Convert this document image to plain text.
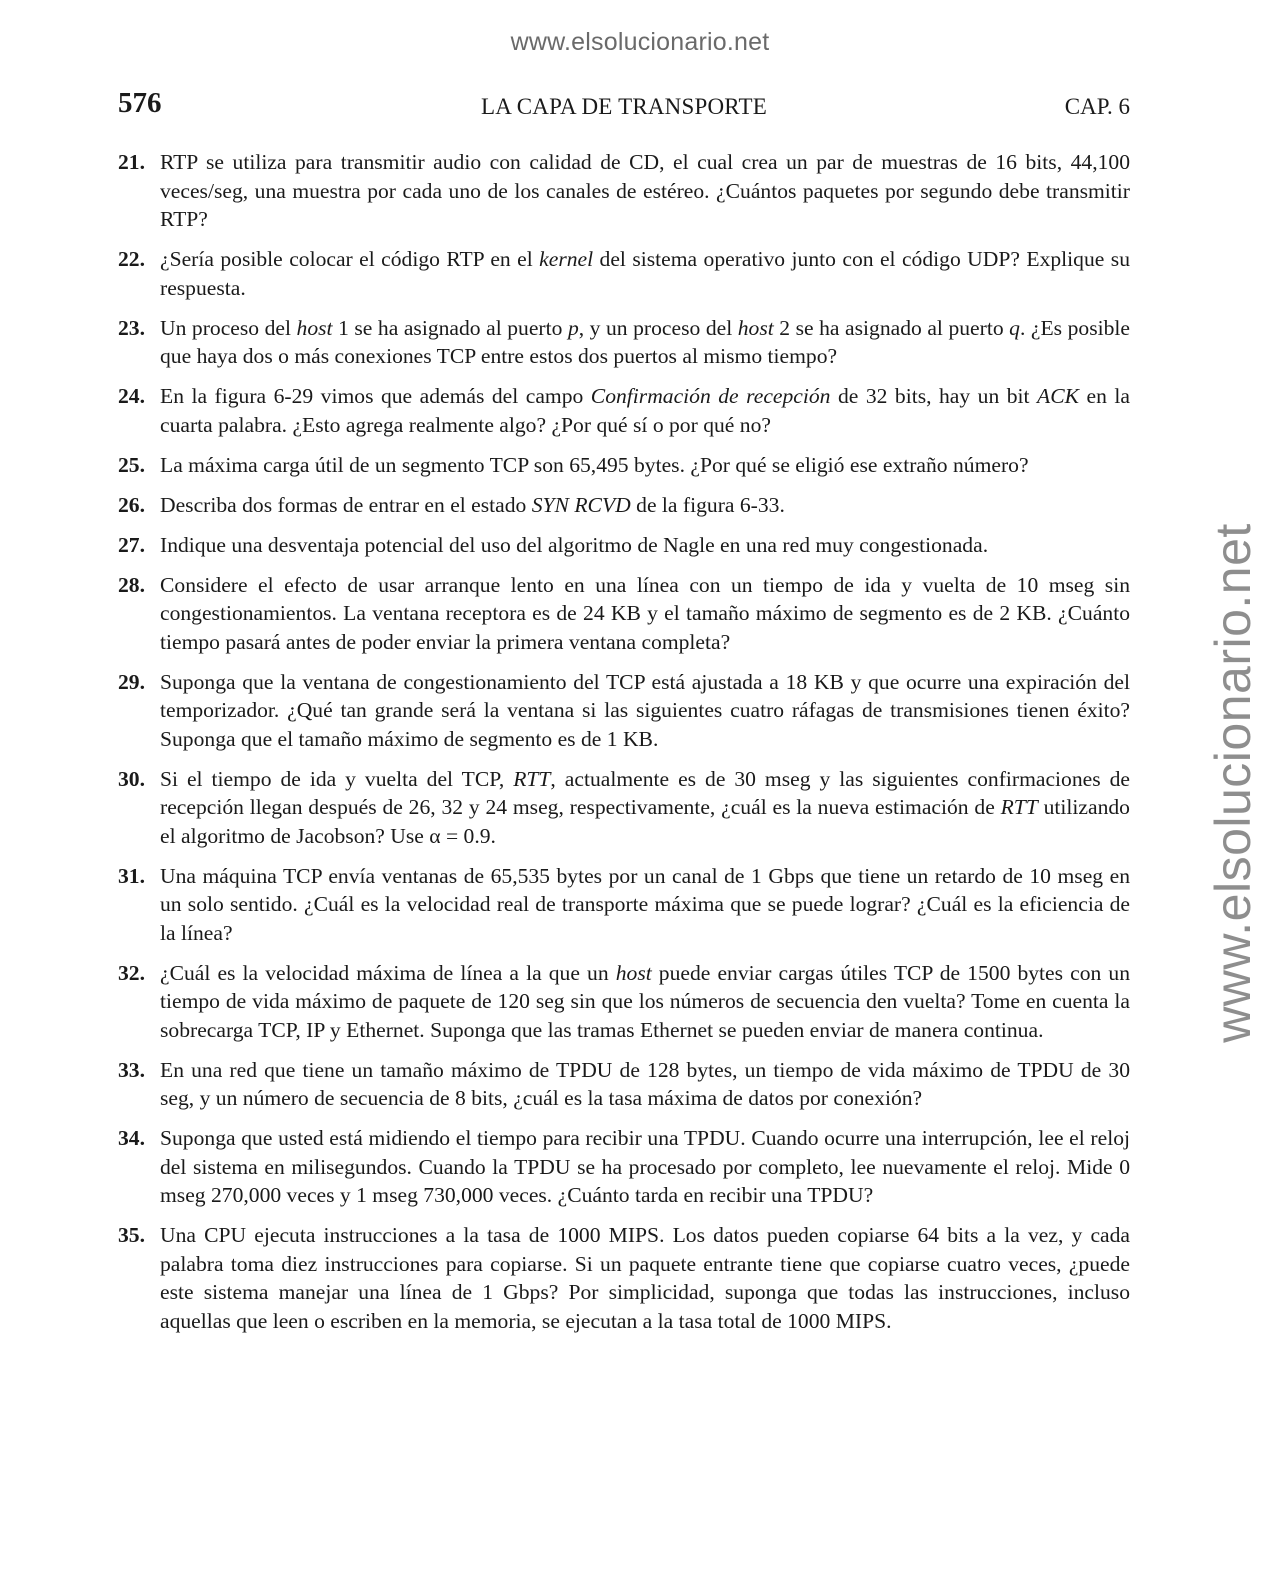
www.elsolucionario.net
www.elsolucionario.net
576	LA CAPA DE TRANSPORTE	CAP. 6
21. RTP se utiliza para transmitir audio con calidad de CD, el cual crea un par de muestras de 16 bits, 44,100 veces/seg, una muestra por cada uno de los canales de estéreo. ¿Cuántos paquetes por segundo debe transmitir RTP?
22. ¿Sería posible colocar el código RTP en el kernel del sistema operativo junto con el código UDP? Explique su respuesta.
23. Un proceso del host 1 se ha asignado al puerto p, y un proceso del host 2 se ha asignado al puerto q. ¿Es posible que haya dos o más conexiones TCP entre estos dos puertos al mismo tiempo?
24. En la figura 6-29 vimos que además del campo Confirmación de recepción de 32 bits, hay un bit ACK en la cuarta palabra. ¿Esto agrega realmente algo? ¿Por qué sí o por qué no?
25. La máxima carga útil de un segmento TCP son 65,495 bytes. ¿Por qué se eligió ese extraño número?
26. Describa dos formas de entrar en el estado SYN RCVD de la figura 6-33.
27. Indique una desventaja potencial del uso del algoritmo de Nagle en una red muy congestionada.
28. Considere el efecto de usar arranque lento en una línea con un tiempo de ida y vuelta de 10 mseg sin congestionamientos. La ventana receptora es de 24 KB y el tamaño máximo de segmento es de 2 KB. ¿Cuánto tiempo pasará antes de poder enviar la primera ventana completa?
29. Suponga que la ventana de congestionamiento del TCP está ajustada a 18 KB y que ocurre una expiración del temporizador. ¿Qué tan grande será la ventana si las siguientes cuatro ráfagas de transmisiones tienen éxito? Suponga que el tamaño máximo de segmento es de 1 KB.
30. Si el tiempo de ida y vuelta del TCP, RTT, actualmente es de 30 mseg y las siguientes confirmaciones de recepción llegan después de 26, 32 y 24 mseg, respectivamente, ¿cuál es la nueva estimación de RTT utilizando el algoritmo de Jacobson? Use α = 0.9.
31. Una máquina TCP envía ventanas de 65,535 bytes por un canal de 1 Gbps que tiene un retardo de 10 mseg en un solo sentido. ¿Cuál es la velocidad real de transporte máxima que se puede lograr? ¿Cuál es la eficiencia de la línea?
32. ¿Cuál es la velocidad máxima de línea a la que un host puede enviar cargas útiles TCP de 1500 bytes con un tiempo de vida máximo de paquete de 120 seg sin que los números de secuencia den vuelta? Tome en cuenta la sobrecarga TCP, IP y Ethernet. Suponga que las tramas Ethernet se pueden enviar de manera continua.
33. En una red que tiene un tamaño máximo de TPDU de 128 bytes, un tiempo de vida máximo de TPDU de 30 seg, y un número de secuencia de 8 bits, ¿cuál es la tasa máxima de datos por conexión?
34. Suponga que usted está midiendo el tiempo para recibir una TPDU. Cuando ocurre una interrupción, lee el reloj del sistema en milisegundos. Cuando la TPDU se ha procesado por completo, lee nuevamente el reloj. Mide 0 mseg 270,000 veces y 1 mseg 730,000 veces. ¿Cuánto tarda en recibir una TPDU?
35. Una CPU ejecuta instrucciones a la tasa de 1000 MIPS. Los datos pueden copiarse 64 bits a la vez, y cada palabra toma diez instrucciones para copiarse. Si un paquete entrante tiene que copiarse cuatro veces, ¿puede este sistema manejar una línea de 1 Gbps? Por simplicidad, suponga que todas las instrucciones, incluso aquellas que leen o escriben en la memoria, se ejecutan a la tasa total de 1000 MIPS.
